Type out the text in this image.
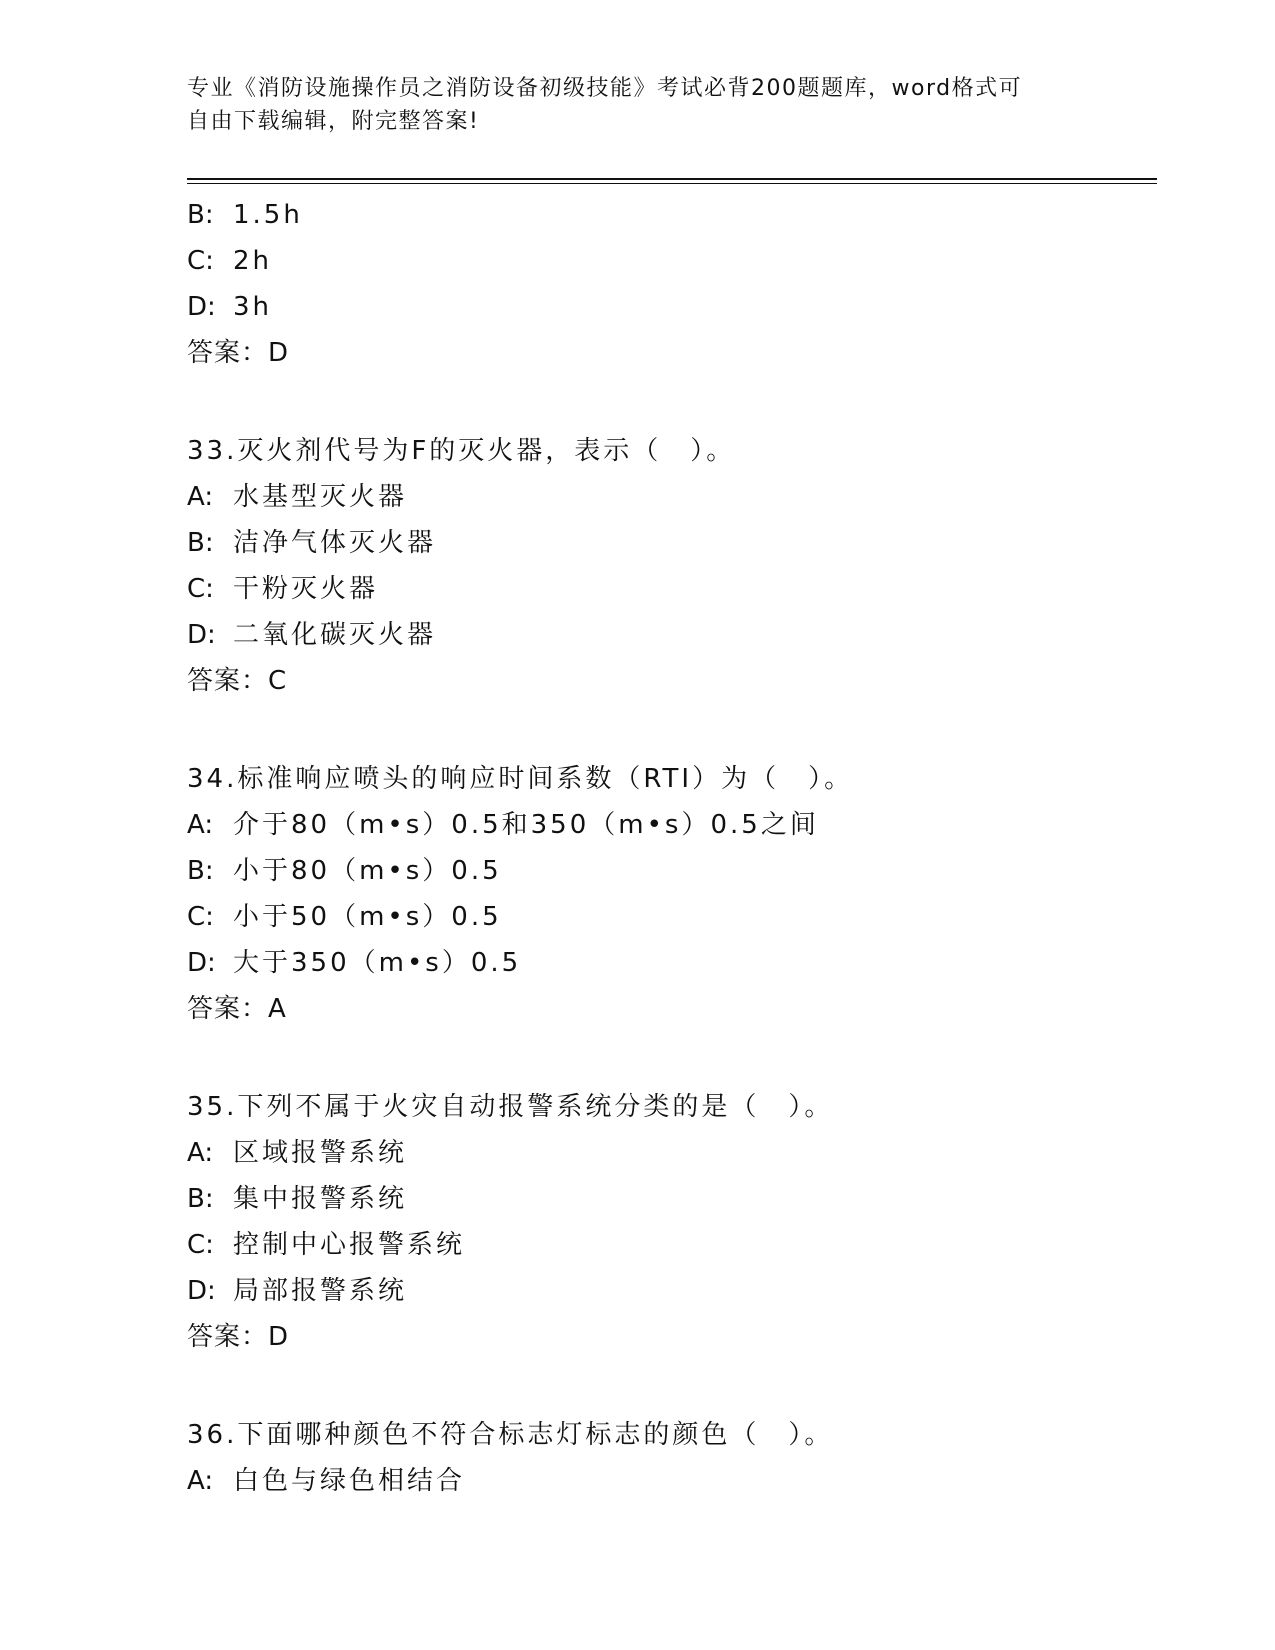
专业《消防设施操作员之消防设备初级技能》考试必背200题题库，word格式可
自由下载编辑，附完整答案!
B: 1.5h
C: 2h
D: 3h
答案：D
33.灭火剂代号为F的灭火器，表示（　）。
A: 水基型灭火器
B: 洁净气体灭火器
C: 干粉灭火器
D: 二氧化碳灭火器
答案：C
34.标准响应喷头的响应时间系数（RTI）为（　）。
A: 介于80（m•s）0.5和350（m•s）0.5之间
B: 小于80（m•s）0.5
C: 小于50（m•s）0.5
D: 大于350（m•s）0.5
答案：A
35.下列不属于火灾自动报警系统分类的是（　）。
A: 区域报警系统
B: 集中报警系统
C: 控制中心报警系统
D: 局部报警系统
答案：D
36.下面哪种颜色不符合标志灯标志的颜色（　）。
A: 白色与绿色相结合
